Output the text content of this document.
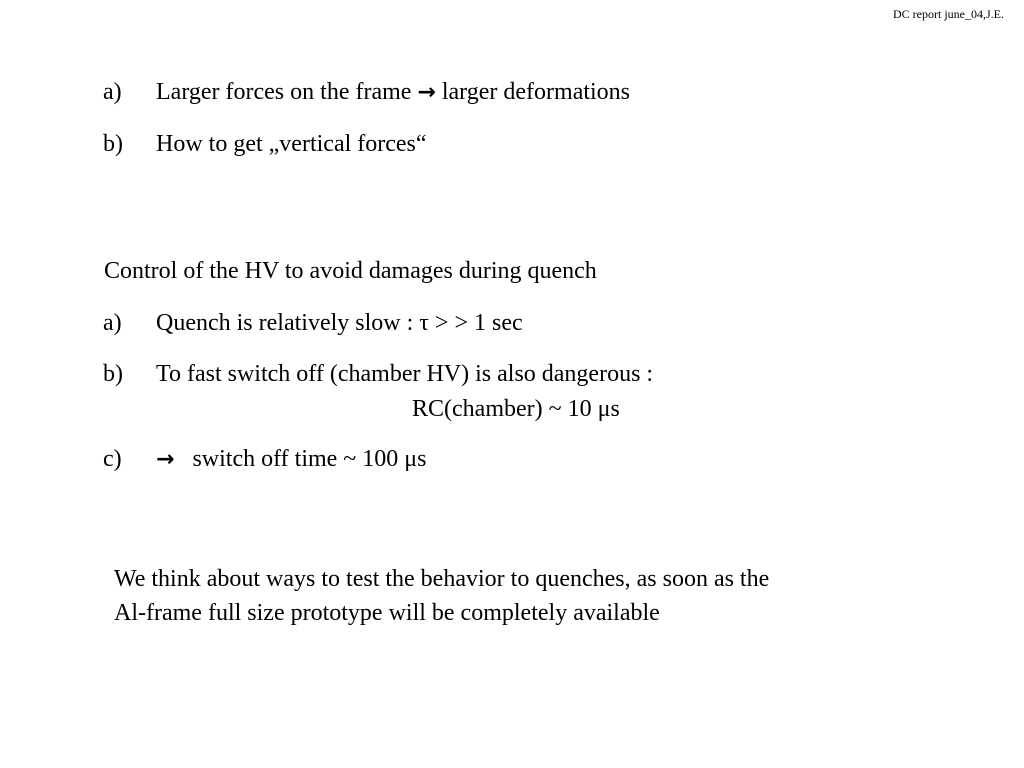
DC report june_04,J.E.
a) Larger forces on the frame → larger deformations
b) How to get „vertical forces“
Control of the HV to avoid damages during quench
a) Quench is relatively slow : τ > > 1 sec
b) To fast switch off (chamber HV) is also dangerous :
RC(chamber) ~ 10 μs
c) → switch off time ~ 100 μs
We think about ways to test the behavior to quenches, as soon as the
Al-frame full size prototype will be completely available
